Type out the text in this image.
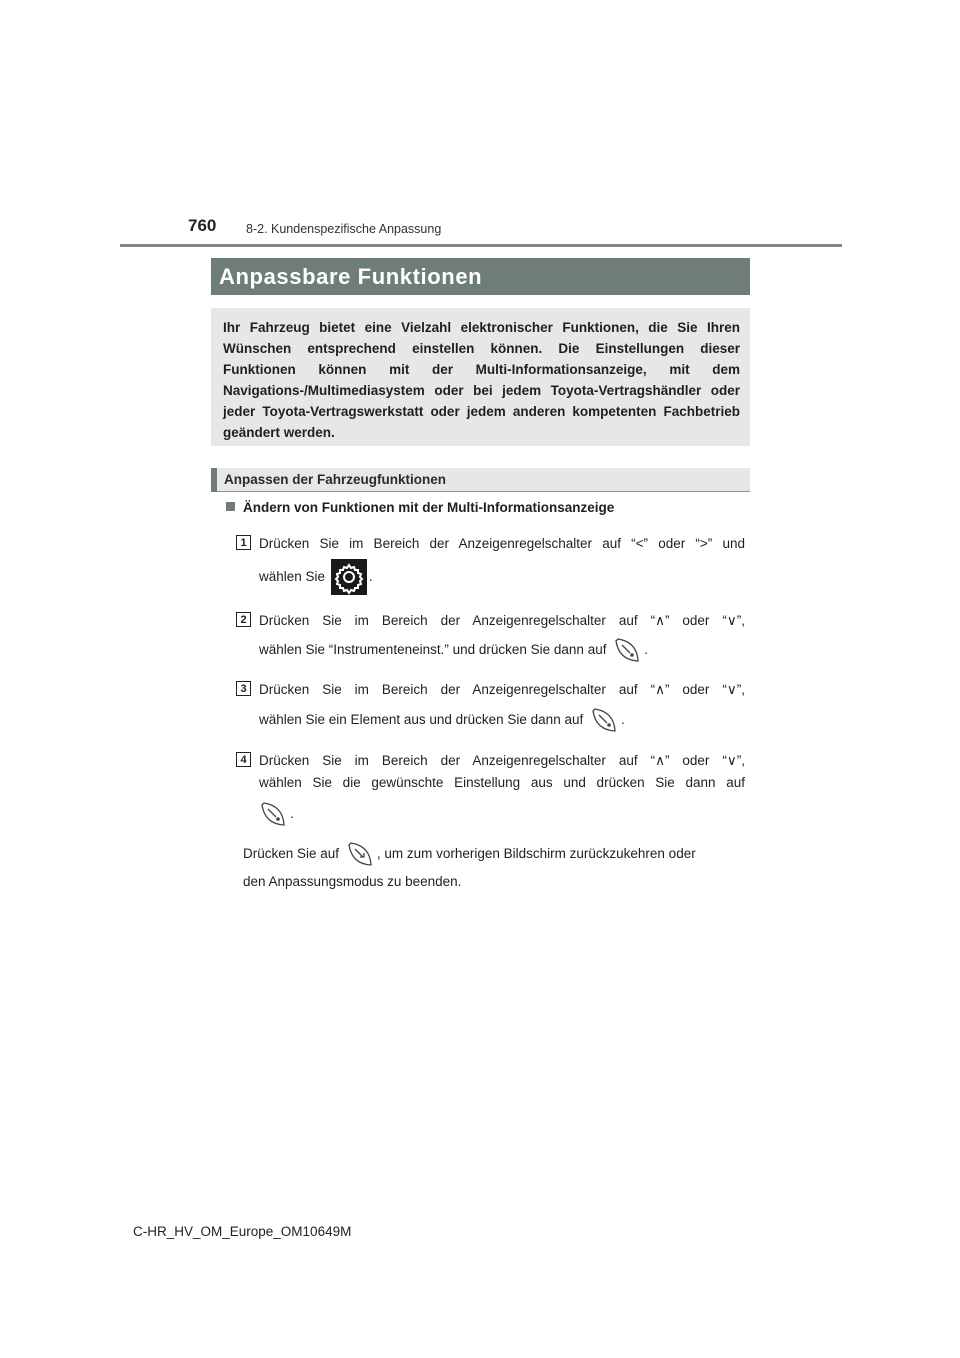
760 8-2. Kundenspezifische Anpassung
Anpassbare Funktionen

Ihr Fahrzeug bietet eine Vielzahl elektronischer Funktionen, die Sie Ihren Wünschen entsprechend einstellen können. Die Einstellungen dieser Funktionen können mit der Multi-Informationsanzeige, mit dem Navigations-/Multimediasystem oder bei jedem Toyota-Vertragshändler oder jeder Toyota-Vertragswerkstatt oder jedem anderen kompetenten Fachbetrieb geändert werden.

Anpassen der Fahrzeugfunktionen
Ändern von Funktionen mit der Multi-Informationsanzeige
1 Drücken Sie im Bereich der Anzeigenregelschalter auf “<” oder “>” und
wählen Sie	.
2 Drücken Sie im Bereich der Anzeigenregelschalter auf “∧” oder “∨”,
wählen Sie “Instrumenteneinst.” und drücken Sie dann auf	.
3 Drücken Sie im Bereich der Anzeigenregelschalter auf “∧” oder “∨”,
wählen Sie ein Element aus und drücken Sie dann auf	.
4 Drücken Sie im Bereich der Anzeigenregelschalter auf “∧” oder “∨”,
wählen Sie die gewünschte Einstellung aus und drücken Sie dann auf
.
Drücken Sie auf	, um zum vorherigen Bildschirm zurückzukehren oder
den Anpassungsmodus zu beenden.
C-HR_HV_OM_Europe_OM10649M
